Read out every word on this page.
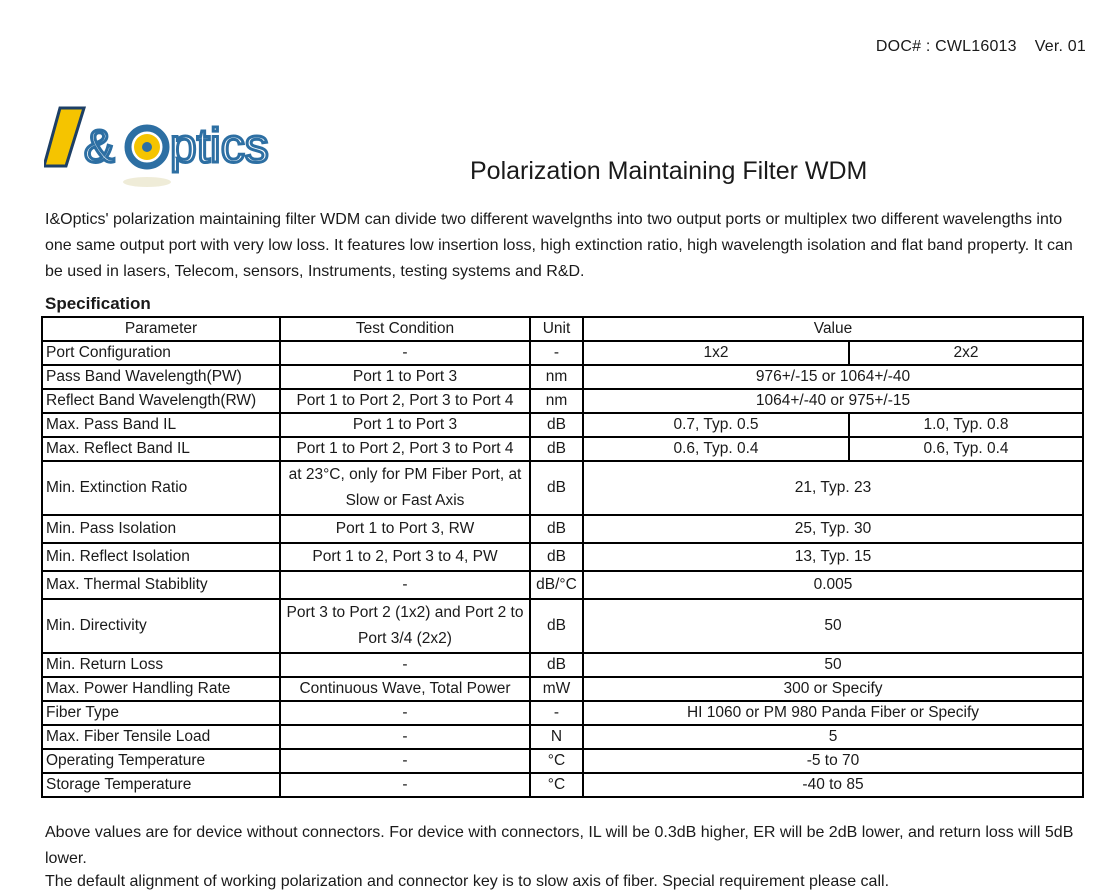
DOC# : CWL16013 Ver. 01
& ptics	Polarization Maintaining Filter WDM

I&Optics' polarization maintaining filter WDM can divide two different wavelgnths into two output ports or multiplex two different wavelengths into one same output port with very low loss. It features low insertion loss, high extinction ratio, high wavelength isolation and flat band property. It can be used in lasers, Telecom, sensors, Instruments, testing systems and R&D.

Specification
Parameter	Test Condition	Unit	Value	
Port Configuration	-	-	1x2	2x2
Pass Band Wavelength(PW)	Port 1 to Port 3	nm	976+/-15 or 1064+/-40	
Reflect Band Wavelength(RW)	Port 1 to Port 2, Port 3 to Port 4	nm	1064+/-40 or 975+/-15	
Max. Pass Band IL	Port 1 to Port 3	dB	0.7, Typ. 0.5	1.0, Typ. 0.8
Max. Reflect Band IL	Port 1 to Port 2, Port 3 to Port 4	dB	0.6, Typ. 0.4	0.6, Typ. 0.4
Min. Extinction Ratio	at 23°C, only for PM Fiber Port, at Slow or Fast Axis	dB	21, Typ. 23	
Min. Pass Isolation	Port 1 to Port 3, RW	dB	25, Typ. 30	
Min. Reflect Isolation	Port 1 to 2, Port 3 to 4, PW	dB	13, Typ. 15	
Max. Thermal Stabiblity	-	dB/°C	0.005	
Min. Directivity	Port 3 to Port 2 (1x2) and Port 2 to Port 3/4 (2x2)	dB	50	
Min. Return Loss	-	dB	50	
Max. Power Handling Rate	Continuous Wave, Total Power	mW	300 or Specify	
Fiber Type	-	-	HI 1060 or PM 980 Panda Fiber or Specify	
Max. Fiber Tensile Load	-	N	5	
Operating Temperature	-	°C	-5 to 70	
Storage Temperature	-	°C	-40 to 85	

Above values are for device without connectors. For device with connectors, IL will be 0.3dB higher, ER will be 2dB lower, and return loss will 5dB lower.

The default alignment of working polarization and connector key is to slow axis of fiber. Special requirement please call.
